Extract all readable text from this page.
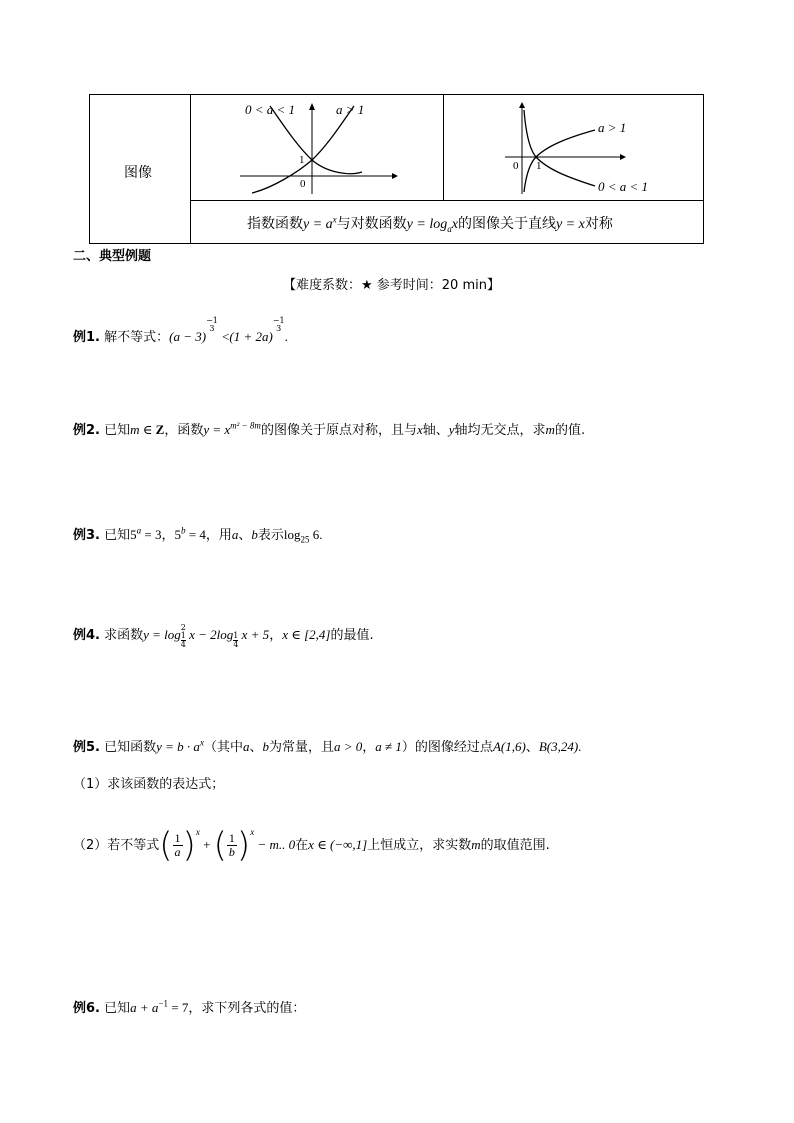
图像
0 < a < 1	a > 1
1
0
a > 1
0 < a < 1
0 1
指数函数$y = a^x$与对数函数$y = \log_ax$的图像关于直线y = x对称
二、典型例题
【难度系数：★ 参考时间：20 min】
例1. 解不等式：(a − 3)
−1
3
<(1 + 2a)
−1
3
.
例2. 已知m ∈ Z，函数$y = x^{m^2 - 8m}$的图像关于原点对称，且与x轴、y轴均无交点，求m的值.
例3. 已知$5^a = 3$，$5^b = 4$，用a、b表示$\log_{25} 6$.
例4. 求函数y = log 2
1
4
$x - 2\log \frac{1}{4}$ x + 5，x ∈ [2,4]的最值.
例5. 已知函数$y = b \cdot a^x$（其中a、b为常量，且a > 0，a ≠ 1）的图像经过点A(1,6)、B(3,24).
（1）求该函数的表达式；
（2）若不等式( $\frac{1}{a} )^x$ + ( $\frac{1}{b} )^x - m$.. 0在x ∈ (−∞,1]上恒成立，求实数m的取值范围.
例6. 已知$a + a^{-1} = 7$，求下列各式的值：
